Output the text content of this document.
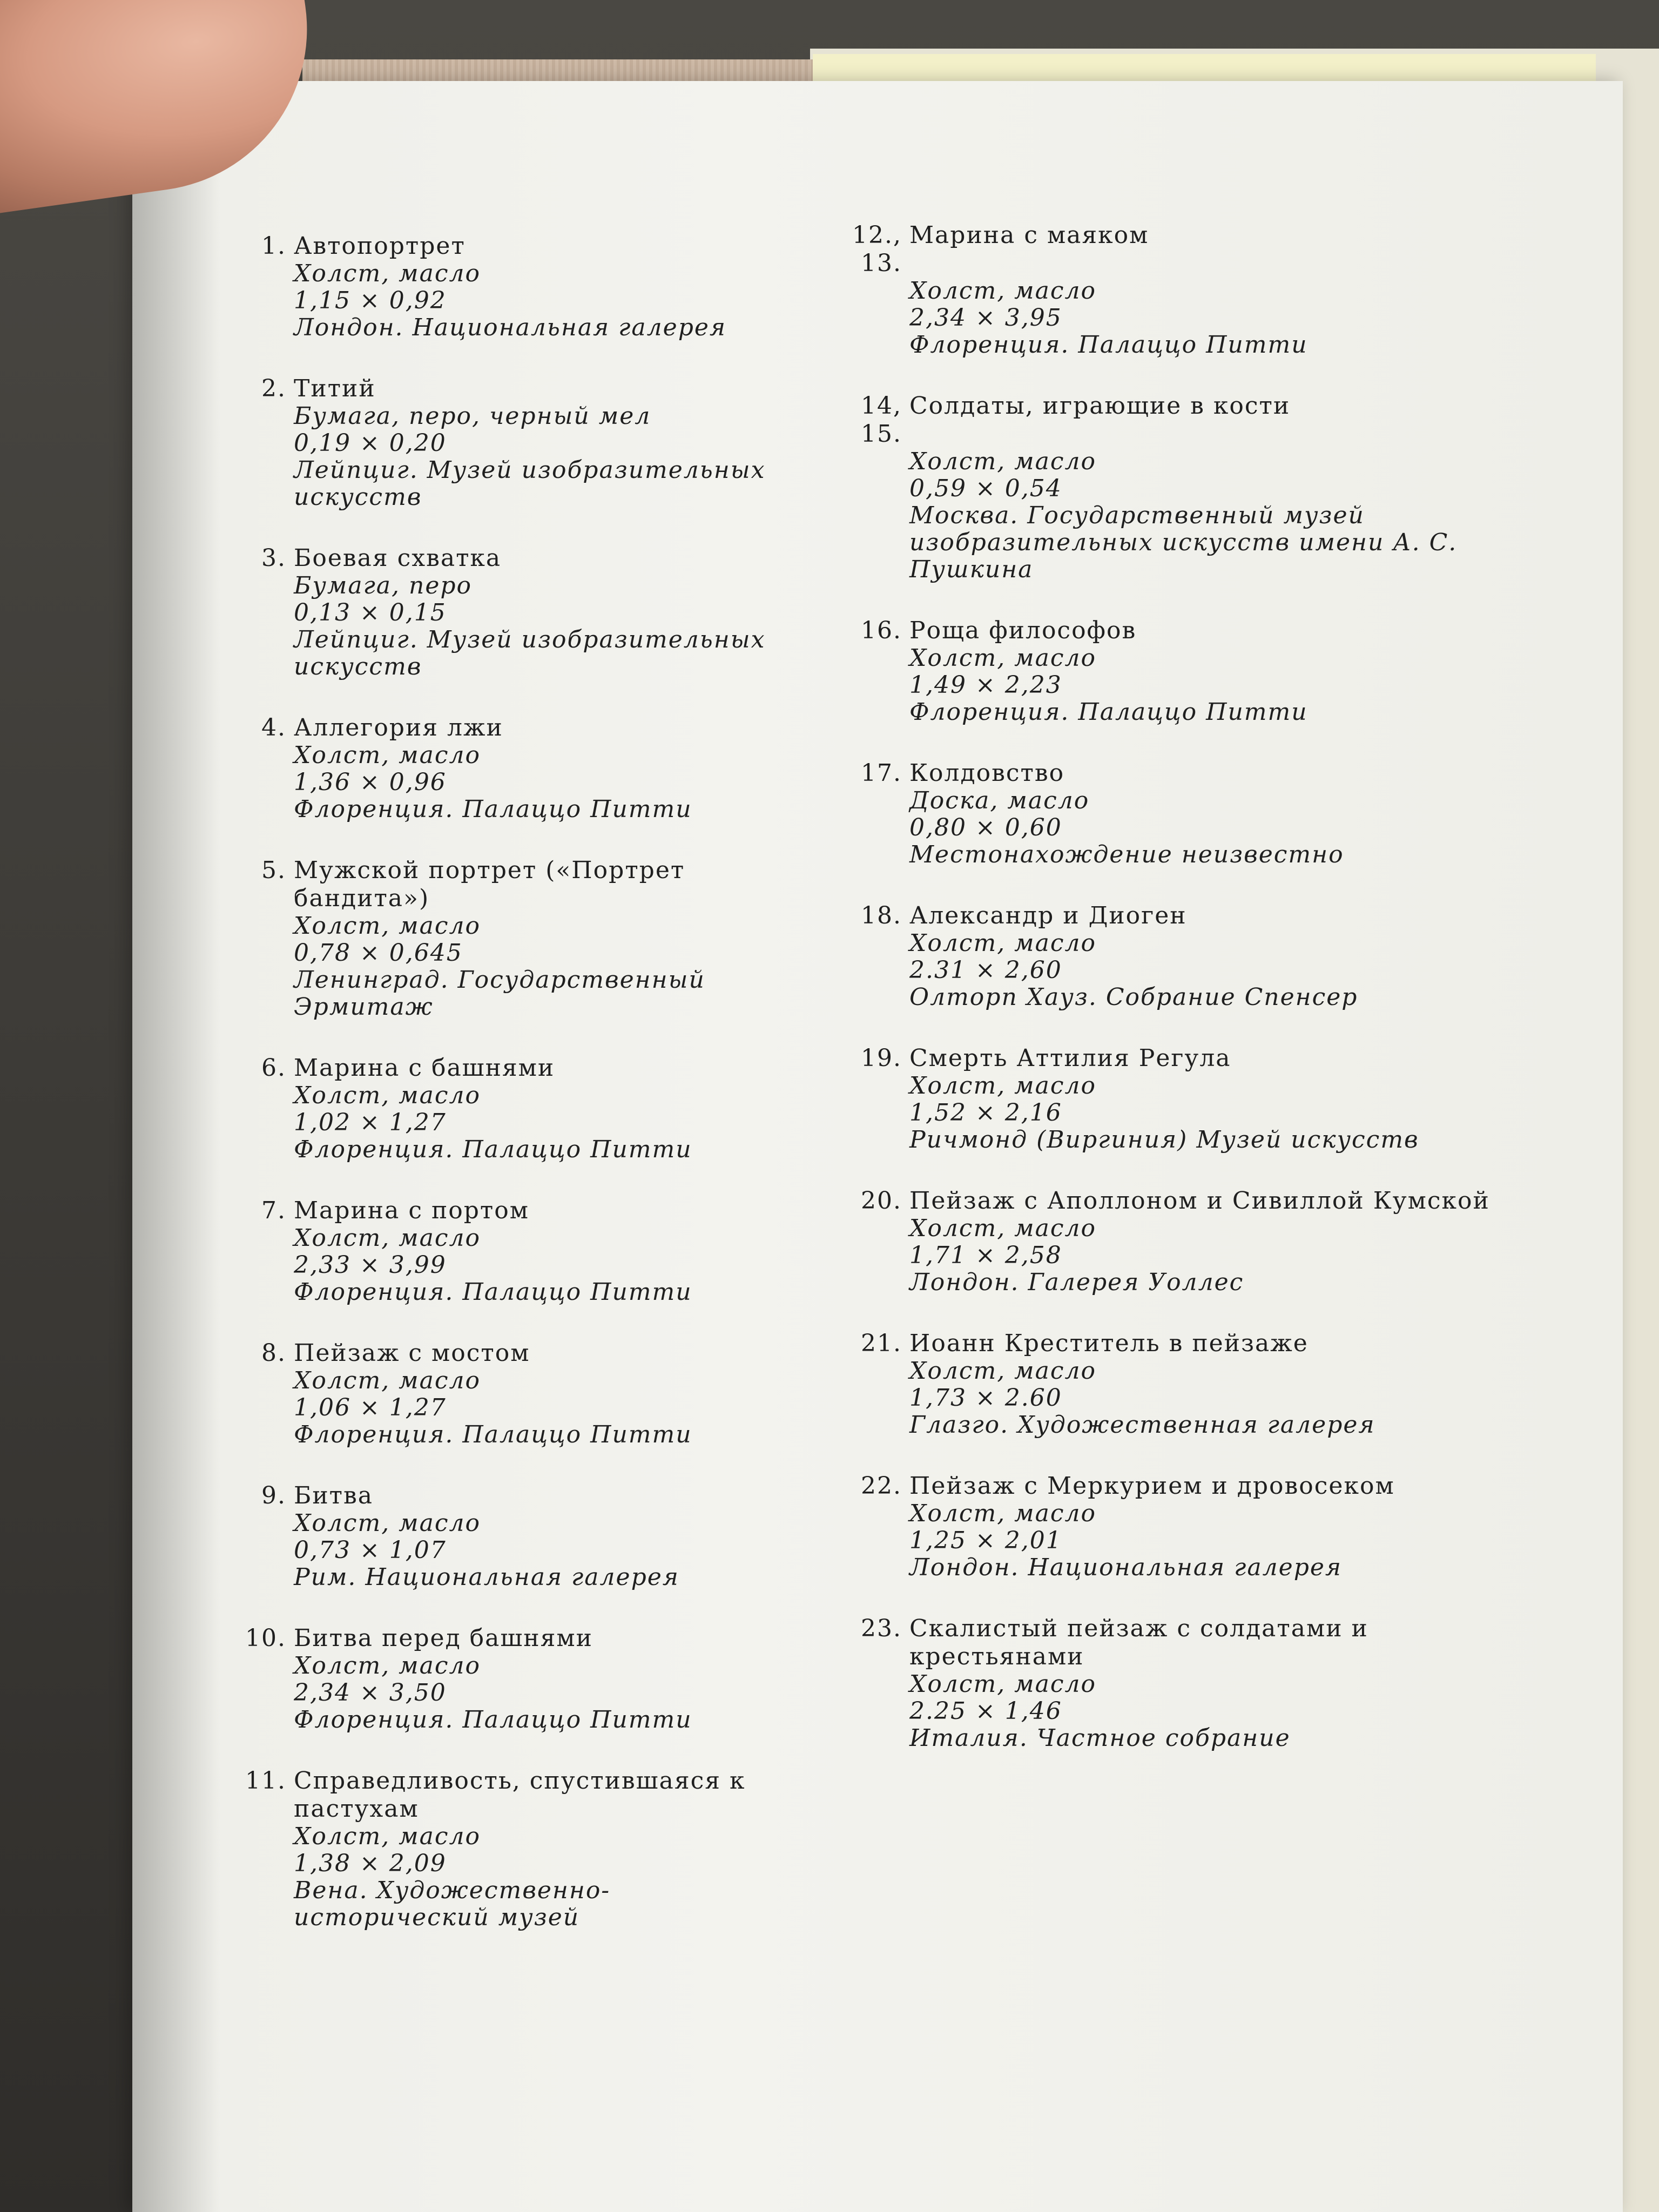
1. Автопортрет
Холст, масло
1,15 × 0,92
Лондон. Национальная галерея
2. Титий
Бумага, перо, черный мел
0,19 × 0,20
Лейпциг. Музей изобразительных искусств
3. Боевая схватка
Бумага, перо
0,13 × 0,15
Лейпциг. Музей изобразительных искусств
4. Аллегория лжи
Холст, масло
1,36 × 0,96
Флоренция. Палаццо Питти
5. Мужской портрет («Портрет бандита»)
Холст, масло
0,78 × 0,645
Ленинград. Государственный Эрмитаж
6. Марина с башнями
Холст, масло
1,02 × 1,27
Флоренция. Палаццо Питти
7. Марина с портом
Холст, масло
2,33 × 3,99
Флоренция. Палаццо Питти
8. Пейзаж с мостом
Холст, масло
1,06 × 1,27
Флоренция. Палаццо Питти
9. Битва
Холст, масло
0,73 × 1,07
Рим. Национальная галерея
10. Битва перед башнями
Холст, масло
2,34 × 3,50
Флоренция. Палаццо Питти
11. Справедливость, спустившаяся к пастухам
Холст, масло
1,38 × 2,09
Вена. Художественно-исторический музей
12., 13.
Марина с маяком
Холст, масло
2,34 × 3,95
Флоренция. Палаццо Питти
14, 15.
Солдаты, играющие в кости
Холст, масло
0,59 × 0,54
Москва. Государственный музей изобразительных искусств имени А. С. Пушкина
16. Роща философов
Холст, масло
1,49 × 2,23
Флоренция. Палаццо Питти
17. Колдовство
Доска, масло
0,80 × 0,60
Местонахождение неизвестно
18. Александр и Диоген
Холст, масло
2.31 × 2,60
Олторп Хауз. Собрание Спенсер
19. Смерть Аттилия Регула
Холст, масло
1,52 × 2,16
Ричмонд (Виргиния) Музей искусств
20. Пейзаж с Аполлоном и Сивиллой Кумской
Холст, масло
1,71 × 2,58
Лондон. Галерея Уоллес
21. Иоанн Креститель в пейзаже
Холст, масло
1,73 × 2.60
Глазго. Художественная галерея
22. Пейзаж с Меркурием и дровосеком
Холст, масло
1,25 × 2,01
Лондон. Национальная галерея
23. Скалистый пейзаж с солдатами и крестьянами
Холст, масло
2.25 × 1,46
Италия. Частное собрание
